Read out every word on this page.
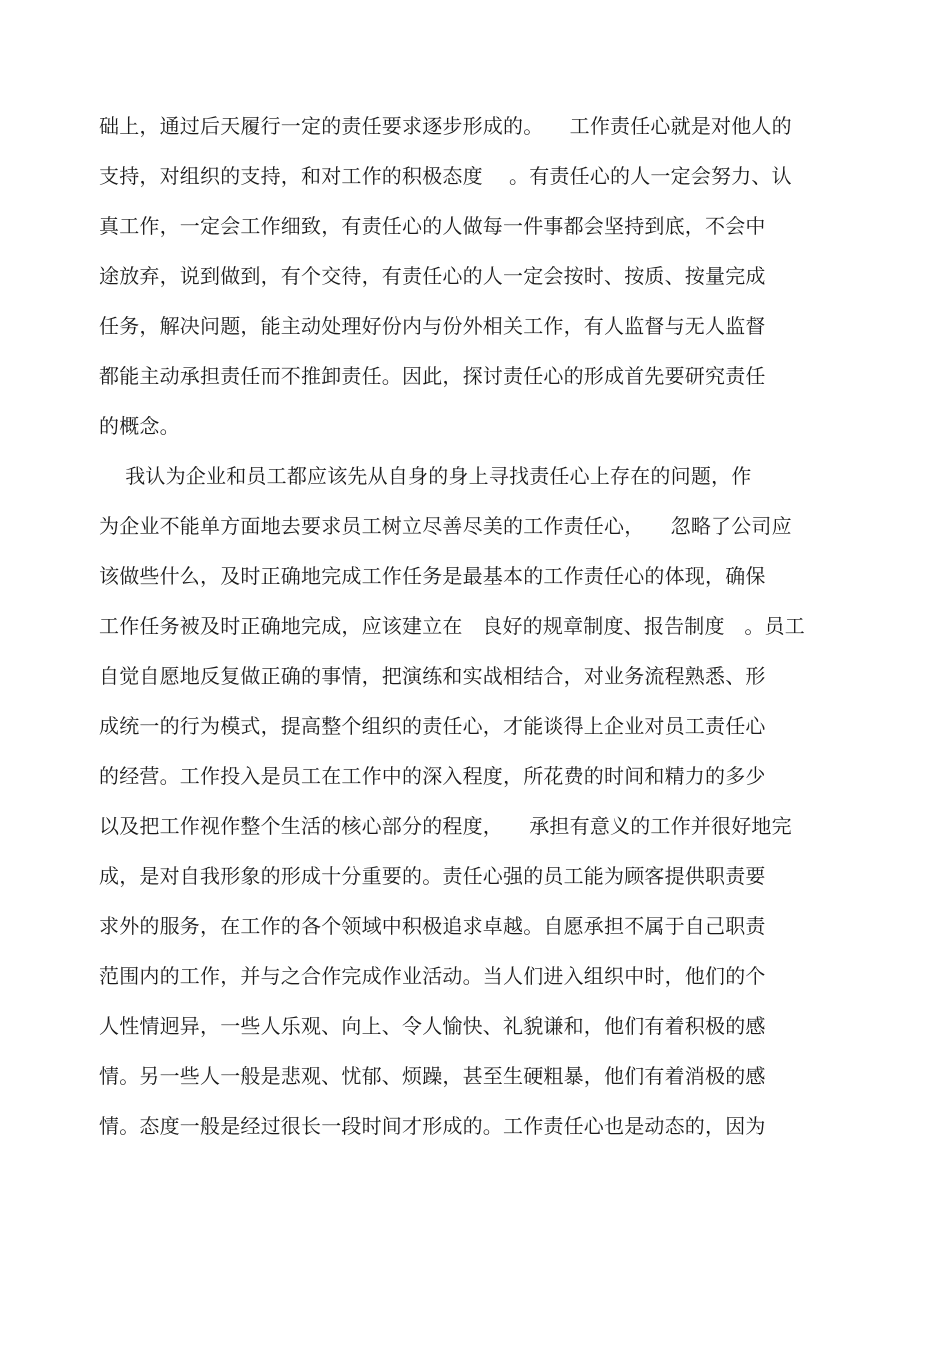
础上，通过后天履行一定的责任要求逐步形成的。    工作责任心就是对他人的
支持，对组织的支持，和对工作的积极态度    。有责任心的人一定会努力、认
真工作，一定会工作细致，有责任心的人做每一件事都会坚持到底，不会中
途放弃，说到做到，有个交待，有责任心的人一定会按时、按质、按量完成
任务，解决问题，能主动处理好份内与份外相关工作，有人监督与无人监督
都能主动承担责任而不推卸责任。因此，探讨责任心的形成首先要研究责任
的概念。
我认为企业和员工都应该先从自身的身上寻找责任心上存在的问题，作
为企业不能单方面地去要求员工树立尽善尽美的工作责任心，    忽略了公司应
该做些什么，及时正确地完成工作任务是最基本的工作责任心的体现，确保
工作任务被及时正确地完成，应该建立在   良好的规章制度、报告制度   。员工
自觉自愿地反复做正确的事情，把演练和实战相结合，对业务流程熟悉、形
成统一的行为模式，提高整个组织的责任心，才能谈得上企业对员工责任心
的经营。工作投入是员工在工作中的深入程度，所花费的时间和精力的多少
以及把工作视作整个生活的核心部分的程度，    承担有意义的工作并很好地完
成，是对自我形象的形成十分重要的。责任心强的员工能为顾客提供职责要
求外的服务，在工作的各个领域中积极追求卓越。自愿承担不属于自己职责
范围内的工作，并与之合作完成作业活动。当人们进入组织中时，他们的个
人性情迥异，一些人乐观、向上、令人愉快、礼貌谦和，他们有着积极的感
情。另一些人一般是悲观、忧郁、烦躁，甚至生硬粗暴，他们有着消极的感
情。态度一般是经过很长一段时间才形成的。工作责任心也是动态的，因为
